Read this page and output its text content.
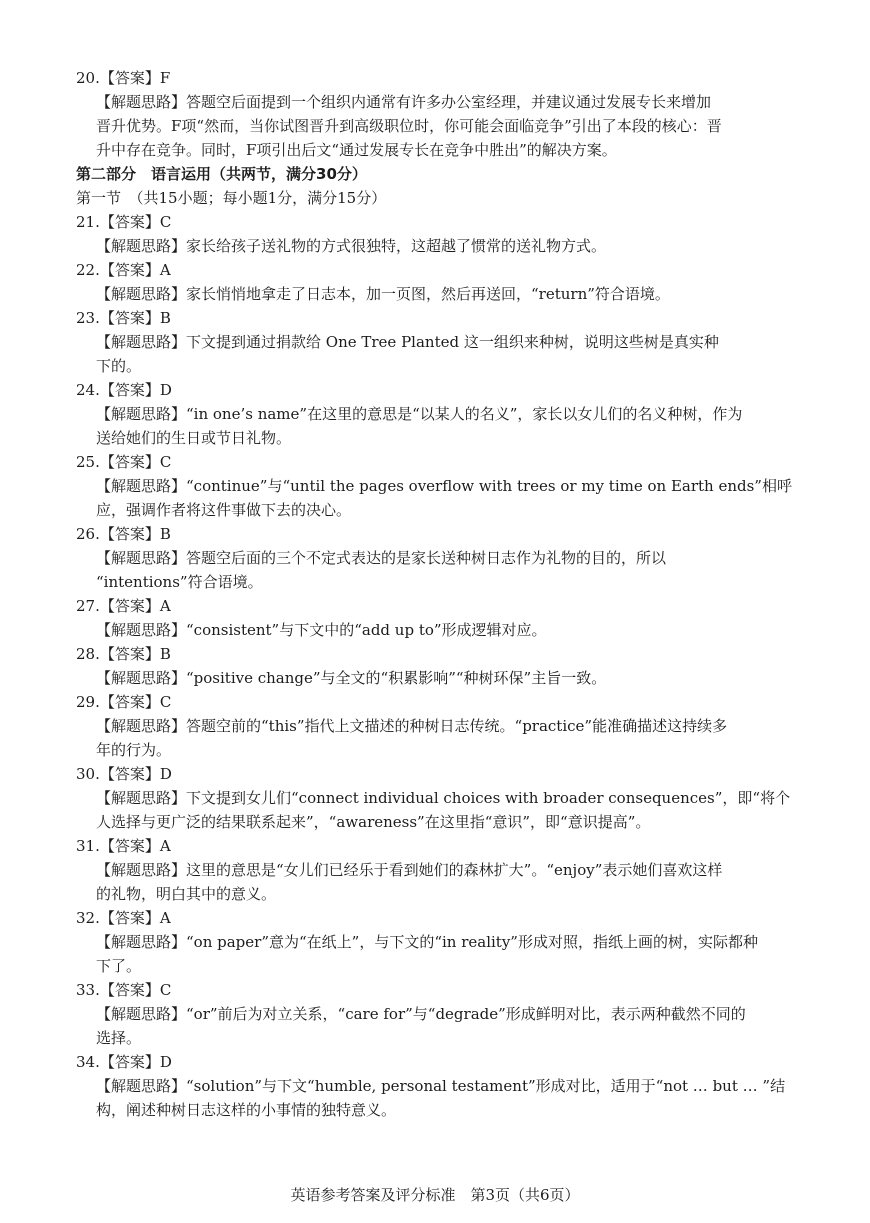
20.【答案】F
【解题思路】答题空后面提到一个组织内通常有许多办公室经理，并建议通过发展专长来增加
晋升优势。F项“然而，当你试图晋升到高级职位时，你可能会面临竞争”引出了本段的核心：晋
升中存在竞争。同时，F项引出后文“通过发展专长在竞争中胜出”的解决方案。
第二部分　语言运用（共两节，满分30分）
第一节　（共15小题；每小题1分，满分15分）
21.【答案】C
【解题思路】家长给孩子送礼物的方式很独特，这超越了惯常的送礼物方式。
22.【答案】A
【解题思路】家长悄悄地拿走了日志本，加一页图，然后再送回，“return”符合语境。
23.【答案】B
【解题思路】下文提到通过捐款给 One Tree Planted 这一组织来种树，说明这些树是真实种
下的。
24.【答案】D
【解题思路】“in one’s name”在这里的意思是“以某人的名义”，家长以女儿们的名义种树，作为
送给她们的生日或节日礼物。
25.【答案】C
【解题思路】“continue”与“until the pages overflow with trees or my time on Earth ends”相呼
应，强调作者将这件事做下去的决心。
26.【答案】B
【解题思路】答题空后面的三个不定式表达的是家长送种树日志作为礼物的目的，所以
“intentions”符合语境。
27.【答案】A
【解题思路】“consistent”与下文中的“add up to”形成逻辑对应。
28.【答案】B
【解题思路】“positive change”与全文的“积累影响”“种树环保”主旨一致。
29.【答案】C
【解题思路】答题空前的“this”指代上文描述的种树日志传统。“practice”能准确描述这持续多
年的行为。
30.【答案】D
【解题思路】下文提到女儿们“connect individual choices with broader consequences”，即“将个
人选择与更广泛的结果联系起来”，“awareness”在这里指“意识”，即“意识提高”。
31.【答案】A
【解题思路】这里的意思是“女儿们已经乐于看到她们的森林扩大”。“enjoy”表示她们喜欢这样
的礼物，明白其中的意义。
32.【答案】A
【解题思路】“on paper”意为“在纸上”，与下文的“in reality”形成对照，指纸上画的树，实际都种
下了。
33.【答案】C
【解题思路】“or”前后为对立关系，“care for”与“degrade”形成鲜明对比，表示两种截然不同的
选择。
34.【答案】D
【解题思路】“solution”与下文“humble, personal testament”形成对比，适用于“not … but … ”结
构，阐述种树日志这样的小事情的独特意义。
英语参考答案及评分标准　第3页（共6页）
